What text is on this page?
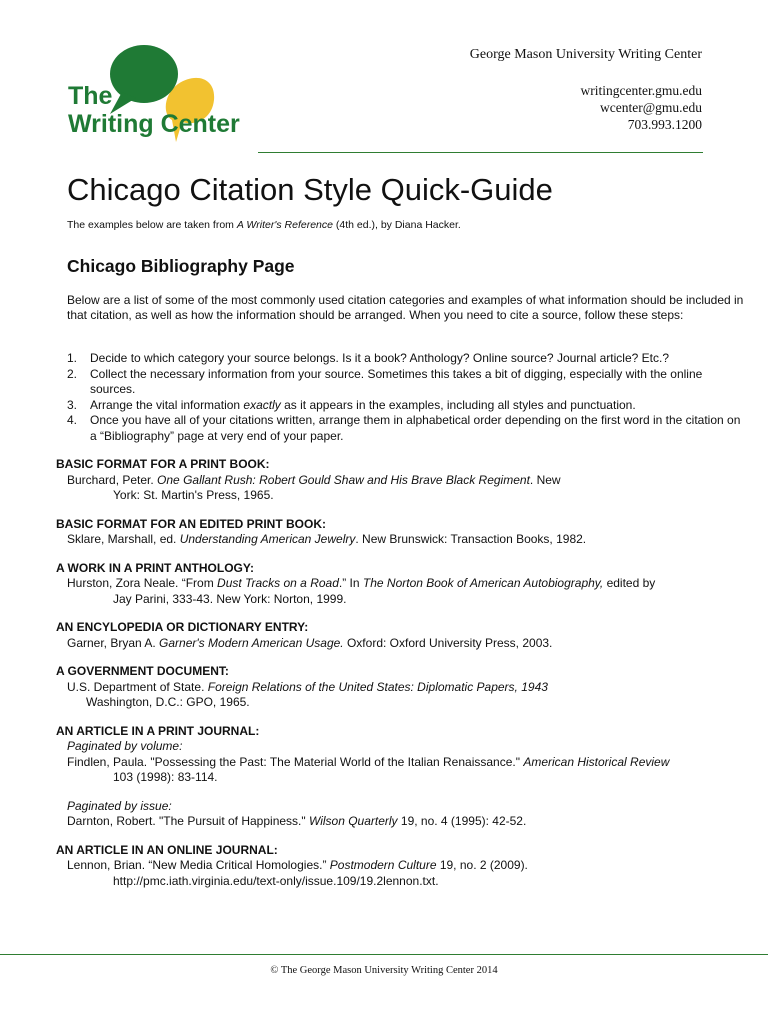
The
Writing Center
George Mason University Writing Center
writingcenter.gmu.edu
wcenter@gmu.edu
703.993.1200
Chicago Citation Style Quick-Guide
The examples below are taken from A Writer's Reference (4th ed.), by Diana Hacker.
Chicago Bibliography Page
Below are a list of some of the most commonly used citation categories and examples of what information should be included in that citation, as well as how the information should be arranged. When you need to cite a source, follow these steps:
1.	Decide to which category your source belongs. Is it a book? Anthology? Online source? Journal article? Etc.?
2.	Collect the necessary information from your source. Sometimes this takes a bit of digging, especially with the online sources.
3.	Arrange the vital information exactly as it appears in the examples, including all styles and punctuation.
4.	Once you have all of your citations written, arrange them in alphabetical order depending on the first word in the citation on a “Bibliography” page at very end of your paper.
BASIC FORMAT FOR A PRINT BOOK:
Burchard, Peter. One Gallant Rush: Robert Gould Shaw and His Brave Black Regiment. New
York: St. Martin's Press, 1965.
BASIC FORMAT FOR AN EDITED PRINT BOOK:
Sklare, Marshall, ed. Understanding American Jewelry. New Brunswick: Transaction Books, 1982.
A WORK IN A PRINT ANTHOLOGY:
Hurston, Zora Neale. “From Dust Tracks on a Road.” In The Norton Book of American Autobiography, edited by
Jay Parini, 333-43. New York: Norton, 1999.
AN ENCYLOPEDIA OR DICTIONARY ENTRY:
Garner, Bryan A. Garner's Modern American Usage. Oxford: Oxford University Press, 2003.
A GOVERNMENT DOCUMENT:
U.S. Department of State. Foreign Relations of the United States: Diplomatic Papers, 1943
Washington, D.C.: GPO, 1965.
AN ARTICLE IN A PRINT JOURNAL:
Paginated by volume:
Findlen, Paula. "Possessing the Past: The Material World of the Italian Renaissance." American Historical Review
103 (1998): 83-114.
Paginated by issue:
Darnton, Robert. "The Pursuit of Happiness." Wilson Quarterly 19, no. 4 (1995): 42-52.
AN ARTICLE IN AN ONLINE JOURNAL:
Lennon, Brian. “New Media Critical Homologies.” Postmodern Culture 19, no. 2 (2009).
http://pmc.iath.virginia.edu/text-only/issue.109/19.2lennon.txt.
© The George Mason University Writing Center 2014
